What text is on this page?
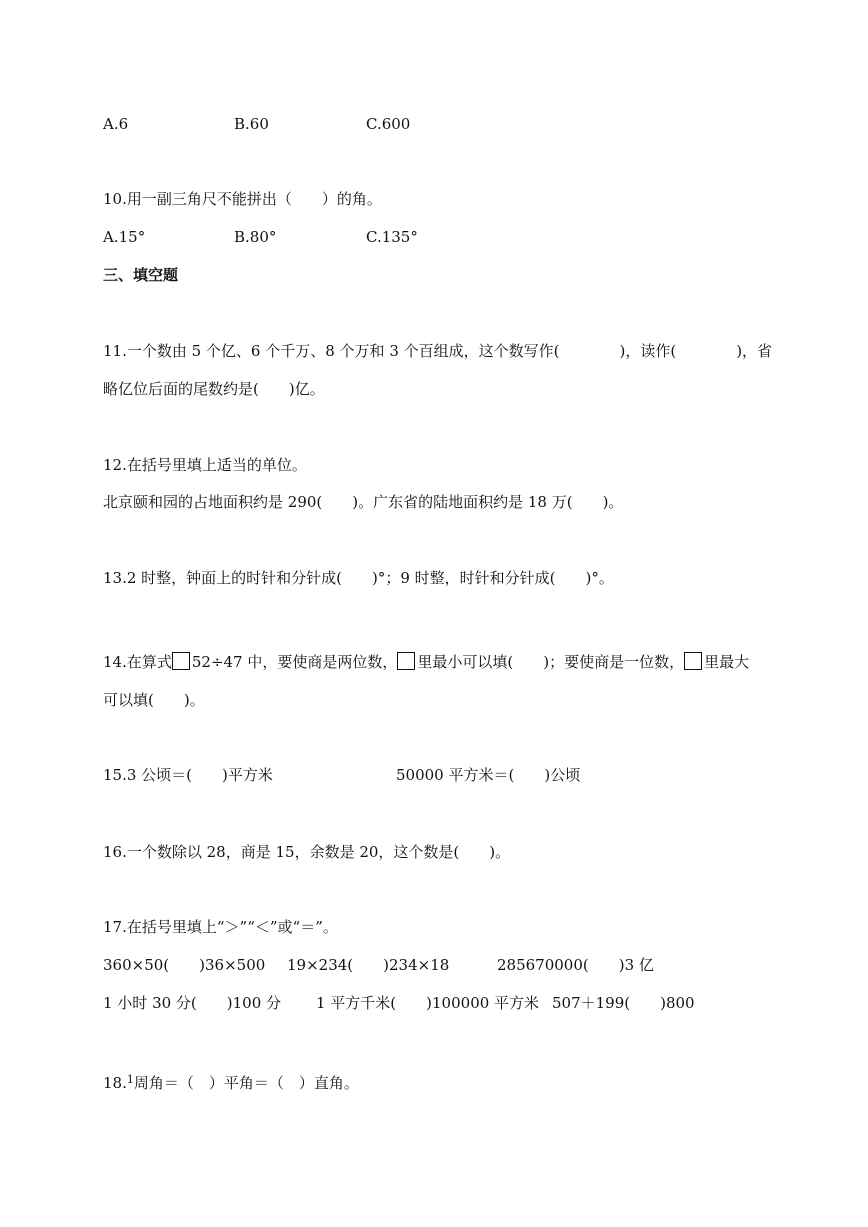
A.6	B.60	C.600
10.用一副三角尺不能拼出（　　）的角。
A.15°	B.80°	C.135°
三、填空题
11.一个数由 5 个亿、6 个千万、8 个万和 3 个百组成，这个数写作(　　　　)，读作(　　　　)，省
略亿位后面的尾数约是(　　)亿。
12.在括号里填上适当的单位。
北京颐和园的占地面积约是 290(　　)。广东省的陆地面积约是 18 万(　　)。
13.2 时整，钟面上的时针和分针成(　　)°；9 时整，时针和分针成(　　)°。
14.在算式 52÷47 中，要使商是两位数， 里最小可以填(　　)；要使商是一位数， 里最大
可以填(　　)。
15.3 公顷＝(　　)平方米	50000 平方米＝(　　)公顷
16.一个数除以 28，商是 15，余数是 20，这个数是(　　)。
17.在括号里填上“＞”“＜”或“＝”。
360×50(　　)36×500 19×234(　　)234×18	285670000(　　)3 亿
1 小时 30 分(　　)100 分 1 平方千米(　　)100000 平方米 507＋199(　　)800
18.$^1$周角＝（　）平角＝（　）直角。
